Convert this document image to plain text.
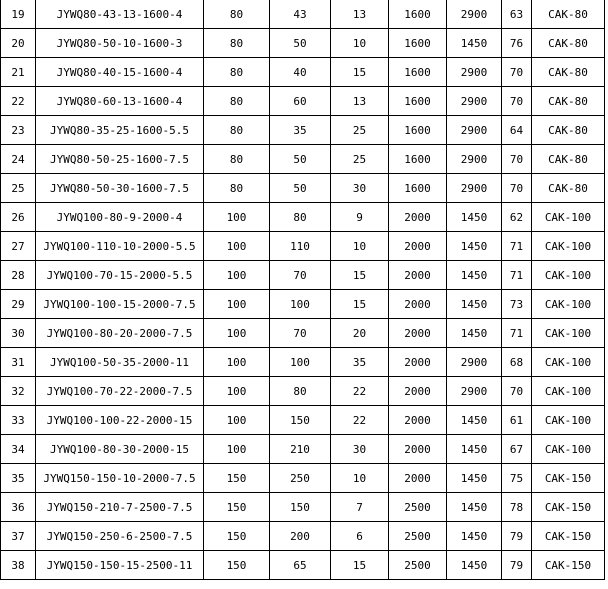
19	JYWQ80-43-13-1600-4	80	43	13	1600	2900	63	CAK-80
20	JYWQ80-50-10-1600-3	80	50	10	1600	1450	76	CAK-80
21	JYWQ80-40-15-1600-4	80	40	15	1600	2900	70	CAK-80
22	JYWQ80-60-13-1600-4	80	60	13	1600	2900	70	CAK-80
23	JYWQ80-35-25-1600-5.5	80	35	25	1600	2900	64	CAK-80
24	JYWQ80-50-25-1600-7.5	80	50	25	1600	2900	70	CAK-80
25	JYWQ80-50-30-1600-7.5	80	50	30	1600	2900	70	CAK-80
26	JYWQ100-80-9-2000-4	100	80	9	2000	1450	62	CAK-100
27	JYWQ100-110-10-2000-5.5	100	110	10	2000	1450	71	CAK-100
28	JYWQ100-70-15-2000-5.5	100	70	15	2000	1450	71	CAK-100
29	JYWQ100-100-15-2000-7.5	100	100	15	2000	1450	73	CAK-100
30	JYWQ100-80-20-2000-7.5	100	70	20	2000	1450	71	CAK-100
31	JYWQ100-50-35-2000-11	100	100	35	2000	2900	68	CAK-100
32	JYWQ100-70-22-2000-7.5	100	80	22	2000	2900	70	CAK-100
33	JYWQ100-100-22-2000-15	100	150	22	2000	1450	61	CAK-100
34	JYWQ100-80-30-2000-15	100	210	30	2000	1450	67	CAK-100
35	JYWQ150-150-10-2000-7.5	150	250	10	2000	1450	75	CAK-150
36	JYWQ150-210-7-2500-7.5	150	150	7	2500	1450	78	CAK-150
37	JYWQ150-250-6-2500-7.5	150	200	6	2500	1450	79	CAK-150
38	JYWQ150-150-15-2500-11	150	65	15	2500	1450	79	CAK-150
